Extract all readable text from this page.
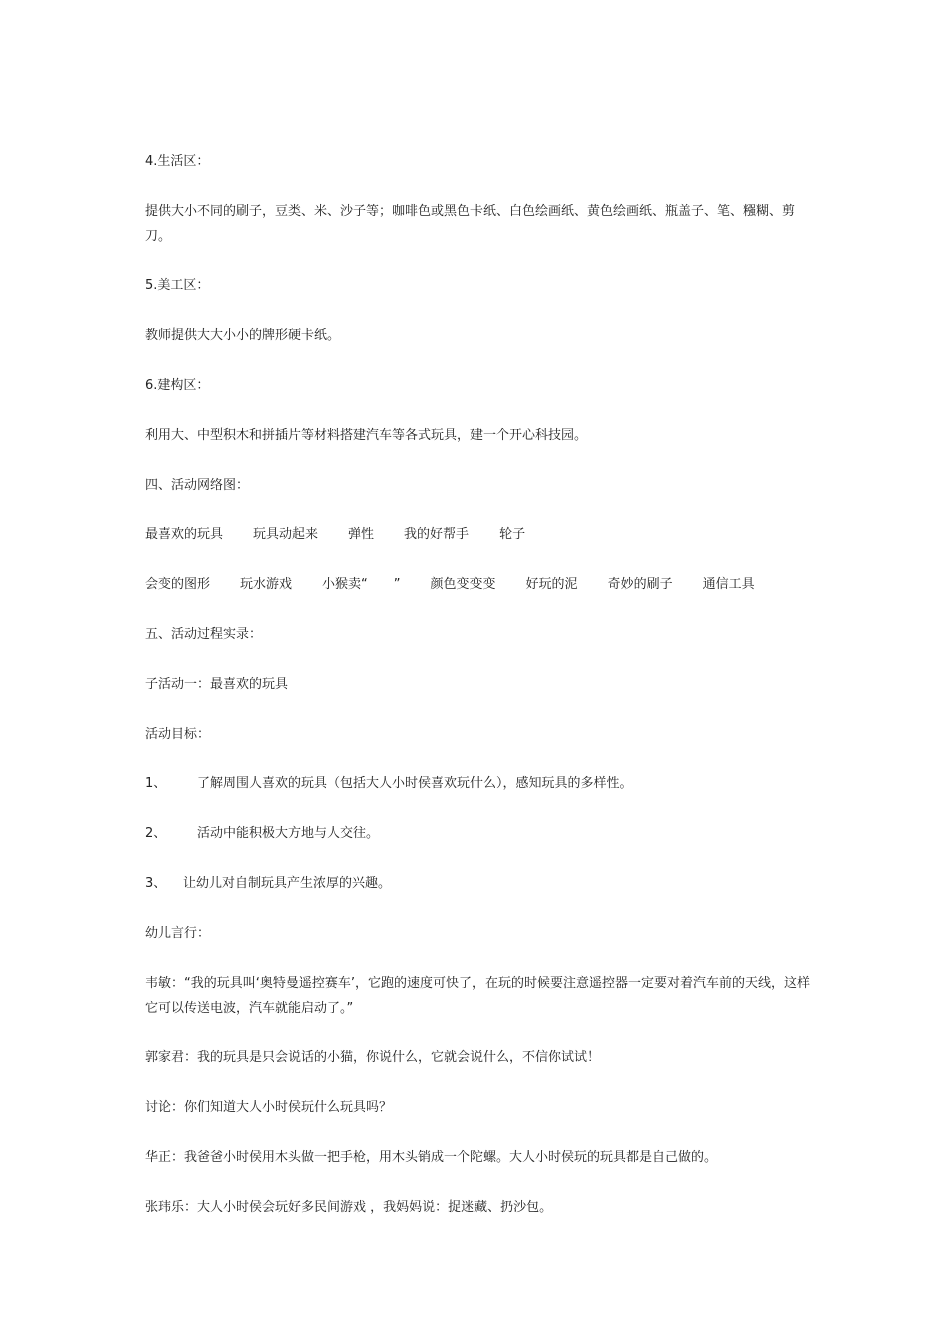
4.生活区：
提供大小不同的刷子，豆类、米、沙子等；咖啡色或黑色卡纸、白色绘画纸、黄色绘画纸、瓶盖子、笔、糨糊、剪刀。
5.美工区：
教师提供大大小小的牌形硬卡纸。
6.建构区：
利用大、中型积木和拼插片等材料搭建汽车等各式玩具，建一个开心科技园。
四、活动网络图：
最喜欢的玩具 玩具动起来 弹性 我的好帮手 轮子
会变的图形 玩水游戏 小猴卖“ ” 颜色变变变 好玩的泥 奇妙的刷子 通信工具
五、活动过程实录：
子活动一：最喜欢的玩具
活动目标：
1、 了解周围人喜欢的玩具（包括大人小时侯喜欢玩什么），感知玩具的多样性。
2、 活动中能积极大方地与人交往。
3、 让幼儿对自制玩具产生浓厚的兴趣。
幼儿言行：
韦敏：“我的玩具叫‘奥特曼遥控赛车’，它跑的速度可快了，在玩的时候要注意遥控器一定要对着汽车前的天线，这样它可以传送电波，汽车就能启动了。”
郭家君：我的玩具是只会说话的小猫，你说什么，它就会说什么，不信你试试！
讨论：你们知道大人小时侯玩什么玩具吗？
华正：我爸爸小时侯用木头做一把手枪，用木头销成一个陀螺。大人小时侯玩的玩具都是自己做的。
张玮乐：大人小时侯会玩好多民间游戏 ，我妈妈说：捉迷藏、扔沙包。
